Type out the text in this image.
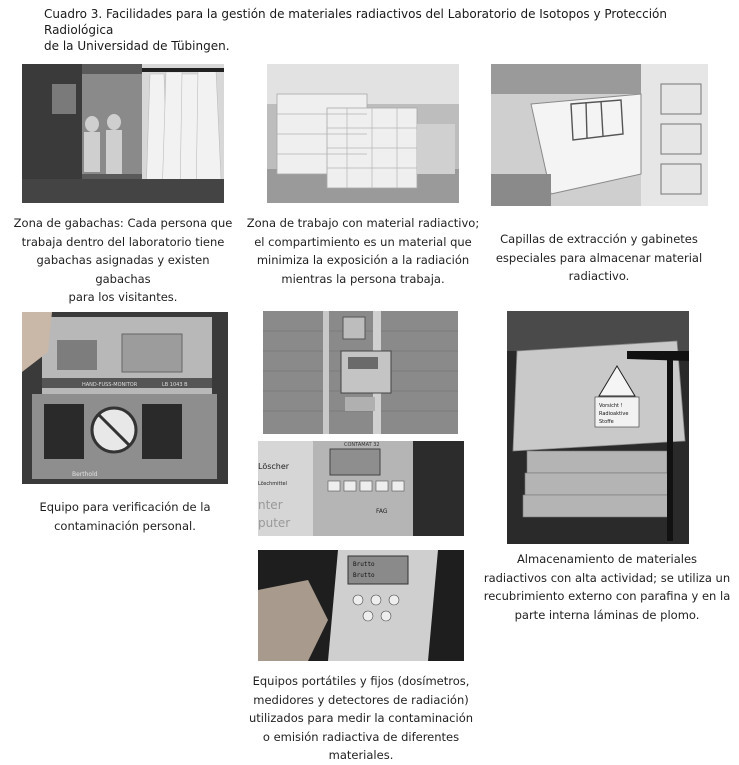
Cuadro 3. Facilidades para la gestión de materiales radiactivos del Laboratorio de Isotopos y Protección Radiológica
de la Universidad de Tübingen.
Zona de gabachas: Cada persona que
trabaja dentro del laboratorio tiene
gabachas asignadas y existen gabachas
para los visitantes.
Zona de trabajo con material radiactivo;
el compartimiento es un material que
minimiza la exposición a la radiación
mientras la persona trabaja.
Capillas de extracción y gabinetes
especiales para almacenar material
radiactivo.
HAND-FUSS-MONITOR	LB 1043 B
Berthold
Equipo para verificación de la
contaminación personal.
CONTAMAT 32
FAG
Löscher
Löschmittel
nter
puter
Brutto
Brutto
Equipos portátiles y fijos (dosímetros,
medidores y detectores de radiación)
utilizados para medir la contaminación
o emisión radiactiva de diferentes
materiales.
Vorsicht !
Radioaktive
Stoffe
Almacenamiento de materiales
radiactivos con alta actividad; se utiliza un
recubrimiento externo con parafina y en la
parte interna láminas de plomo.
